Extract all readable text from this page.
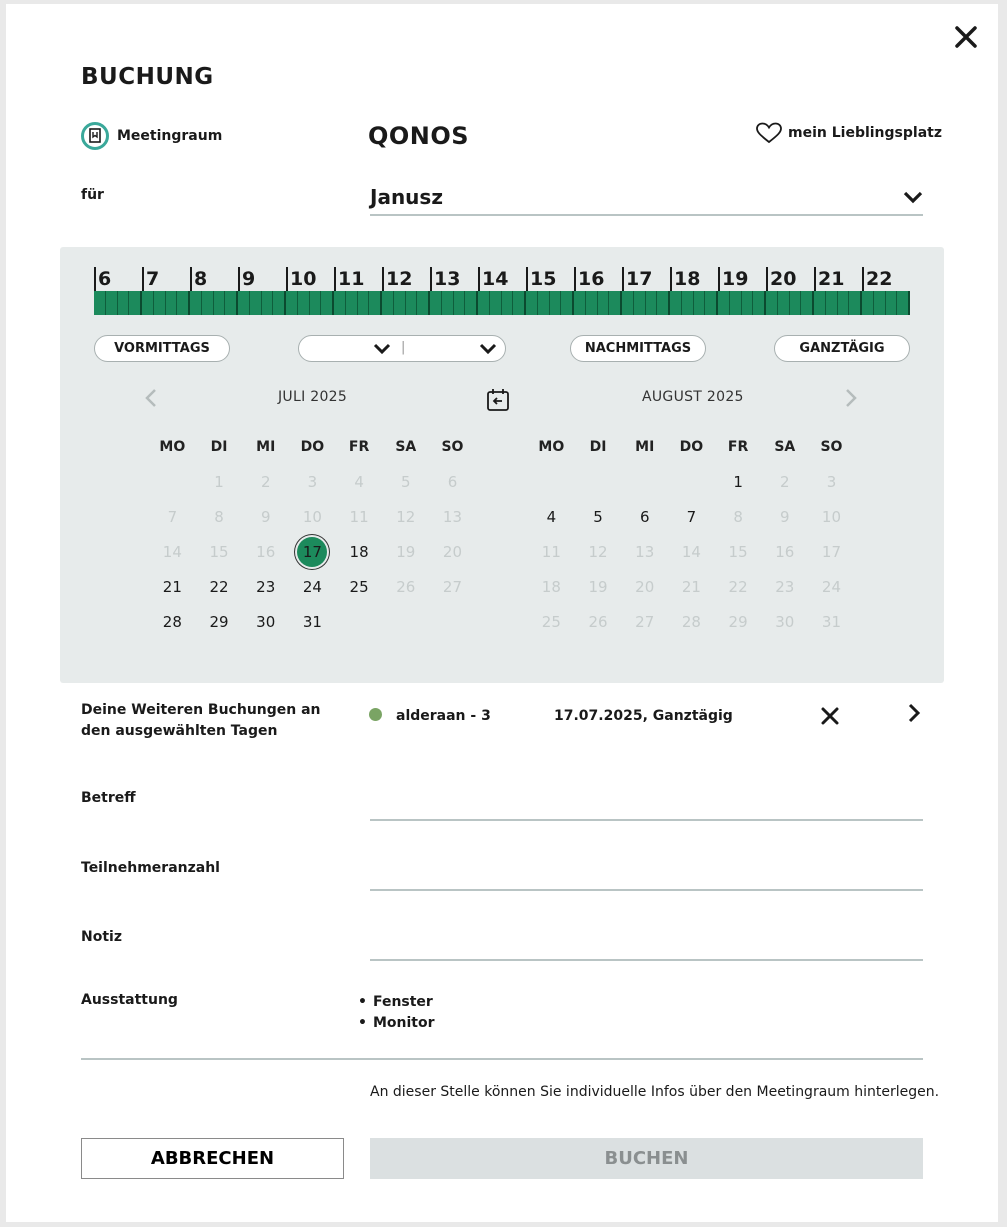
BUCHUNG
Meetingraum	QONOS	mein Lieblingsplatz
für	Janusz
6 7 8 9 10 11 12 13 14 15 16 17 18 19 20 21 22
VORMITTAGS	|	NACHMITTAGS	GANZTÄGIG
JULI 2025	AUGUST 2025
MO	DI	MI	DO	FR	SA	SO
1	2	3	4	5	6
7	8	9	10	11	12	13
14	15	16	17	18	19	20
21	22	23	24	25	26	27
28	29	30	31
MO	DI	MI	DO	FR	SA	SO
1	2	3
4	5	6	7	8	9	10
11	12	13	14	15	16	17
18	19	20	21	22	23	24
25	26	27	28	29	30	31
Deine Weiteren Buchungen an den ausgewählten Tagen
alderaan - 3	17.07.2025, Ganztägig
Betreff
Teilnehmeranzahl
Notiz
Ausstattung
•	Fenster
• Monitor
An dieser Stelle können Sie individuelle Infos über den Meetingraum hinterlegen.
ABBRECHEN	BUCHEN
